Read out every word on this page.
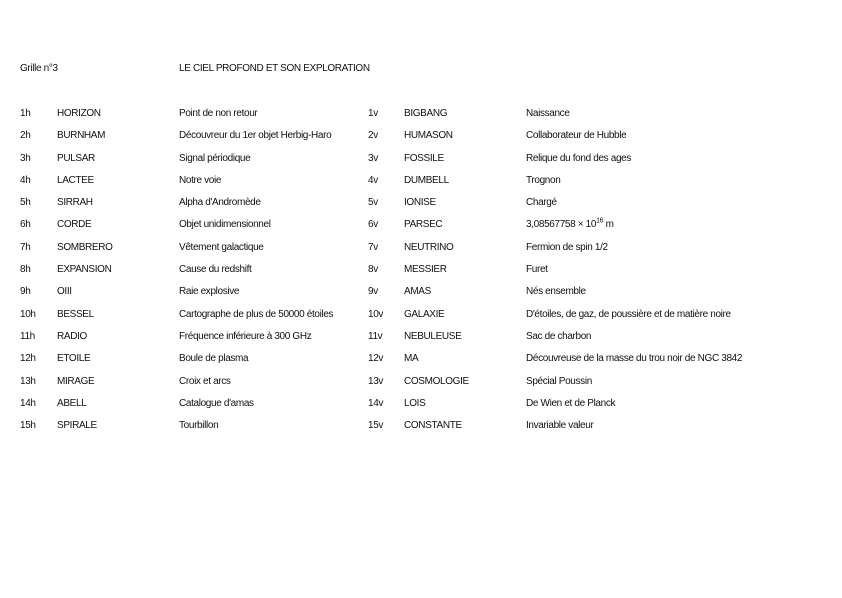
Grille n°3	LE CIEL PROFOND ET SON EXPLORATION
1h	HORIZON	Point de non retour	1v	BIGBANG	Naissance
2h	BURNHAM	Découvreur du 1er objet Herbig-Haro	2v	HUMASON	Collaborateur de Hubble
3h	PULSAR	Signal périodique	3v	FOSSILE	Relique du fond des ages
4h	LACTEE	Notre voie	4v	DUMBELL	Trognon
5h	SIRRAH	Alpha d'Andromède	5v	IONISE	Chargé
6h	CORDE	Objet unidimensionnel	6v	PARSEC	$3,08567758 \times 10^{16}$ m
7h	SOMBRERO	Vêtement galactique	7v	NEUTRINO	Fermion de spin 1/2
8h	EXPANSION	Cause du redshift	8v	MESSIER	Furet
9h	OIII	Raie explosive	9v	AMAS	Nés ensemble
10h BESSEL	Cartographe de plus de 50000 étoiles	10v GALAXIE	D'étoiles, de gaz, de poussière et de matière noire
11h RADIO	Fréquence inférieure à 300 GHz	11v NEBULEUSE	Sac de charbon
12h ETOILE	Boule de plasma	12v MA	Découvreuse de la masse du trou noir de NGC 3842
13h MIRAGE	Croix et arcs	13v COSMOLOGIE	Spécial Poussin
14h ABELL	Catalogue d'amas	14v LOIS	De Wien et de Planck
15h SPIRALE	Tourbillon	15v CONSTANTE	Invariable valeur
